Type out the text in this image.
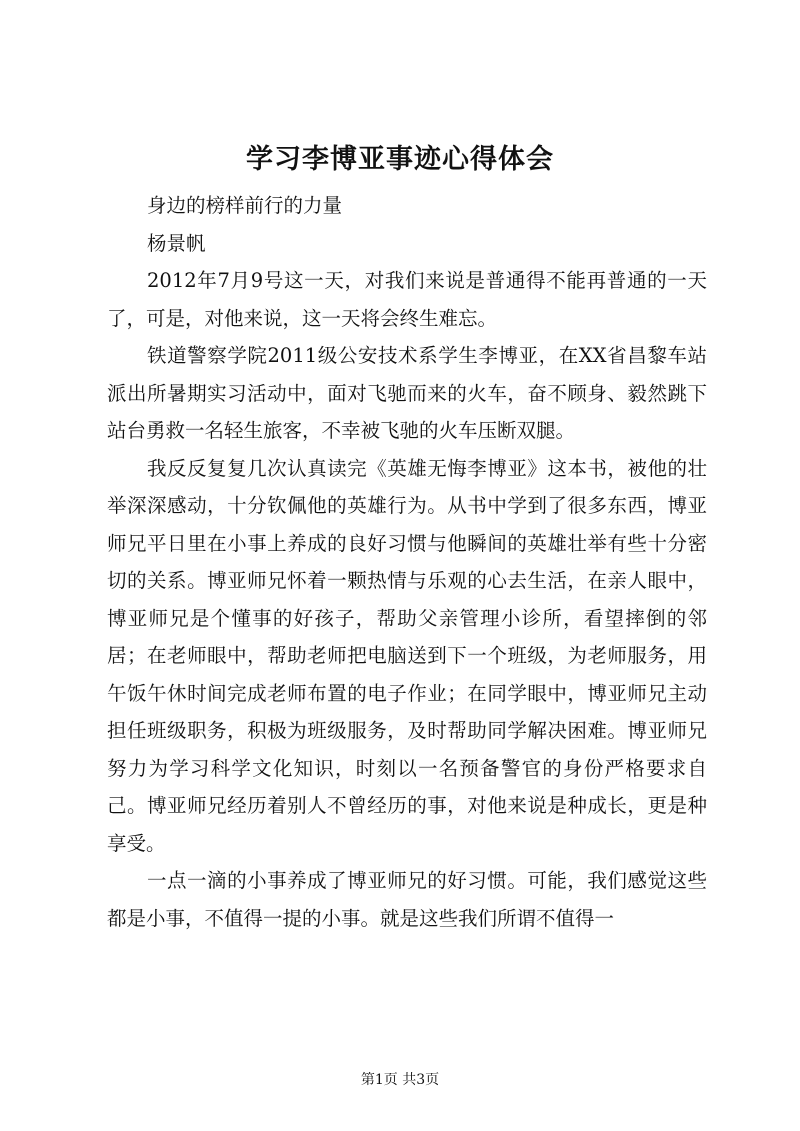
学习李博亚事迹心得体会

身边的榜样前行的力量

杨景帆

2012年7月9号这一天，对我们来说是普通得不能再普通的一天了，可是，对他来说，这一天将会终生难忘。

铁道警察学院2011级公安技术系学生李博亚，在XX省昌黎车站派出所暑期实习活动中，面对飞驰而来的火车，奋不顾身、毅然跳下站台勇救一名轻生旅客，不幸被飞驰的火车压断双腿。

我反反复复几次认真读完《英雄无悔李博亚》这本书，被他的壮举深深感动，十分钦佩他的英雄行为。从书中学到了很多东西，博亚师兄平日里在小事上养成的良好习惯与他瞬间的英雄壮举有些十分密切的关系。博亚师兄怀着一颗热情与乐观的心去生活，在亲人眼中，博亚师兄是个懂事的好孩子，帮助父亲管理小诊所，看望摔倒的邻居；在老师眼中，帮助老师把电脑送到下一个班级，为老师服务，用午饭午休时间完成老师布置的电子作业；在同学眼中，博亚师兄主动担任班级职务，积极为班级服务，及时帮助同学解决困难。博亚师兄努力为学习科学文化知识，时刻以一名预备警官的身份严格要求自己。博亚师兄经历着别人不曾经历的事，对他来说是种成长，更是种享受。

一点一滴的小事养成了博亚师兄的好习惯。可能，我们感觉这些都是小事，不值得一提的小事。就是这些我们所谓不值得一

第1页 共3页
